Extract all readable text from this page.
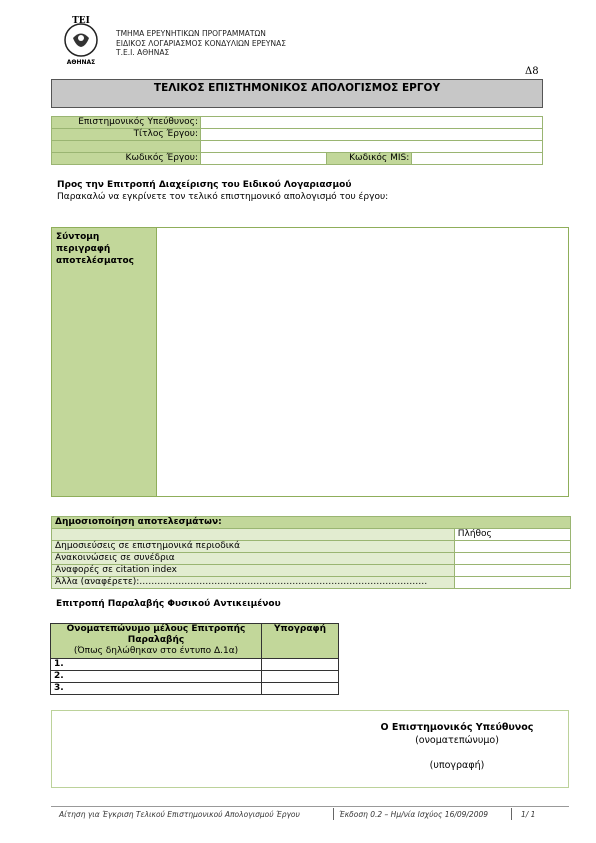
TEI
ΑΘΗΝΑΣ
ΤΜΗΜΑ ΕΡΕΥΝΗΤΙΚΩΝ ΠΡΟΓΡΑΜΜΑΤΩΝ
ΕΙΔΙΚΟΣ ΛΟΓΑΡΙΑΣΜΟΣ ΚΟΝΔΥΛΙΩΝ ΕΡΕΥΝΑΣ
Τ.Ε.Ι. ΑΘΗΝΑΣ
Δ8
ΤΕΛΙΚΟΣ ΕΠΙΣΤΗΜΟΝΙΚΟΣ ΑΠΟΛΟΓΙΣΜΟΣ ΕΡΓΟΥ
Επιστημονικός Υπεύθυνος:			
Τίτλος Έργου:			

Κωδικός Έργου:		Κωδικός MIS:	
Προς την Επιτροπή Διαχείρισης του Ειδικού Λογαριασμού
Παρακαλώ να εγκρίνετε τον τελικό επιστημονικό απολογισμό του έργου:
Σύντομη περιγραφή αποτελέσματος
Δημοσιοποίηση αποτελεσμάτων:	
	Πλήθος
Δημοσιεύσεις σε επιστημονικά περιοδικά	
Ανακοινώσεις σε συνέδρια	
Αναφορές σε citation index	
Άλλα (αναφέρετε):……………………………………………………………………………………	
Επιτροπή Παραλαβής Φυσικού Αντικειμένου
Ονοματεπώνυμο μέλους Επιτροπής Παραλαβής
(Όπως δηλώθηκαν στο έντυπο Δ.1α)	Υπογραφή
1.	
2.	
3.	
Ο Επιστημονικός Υπεύθυνος
(ονοματεπώνυμο)
(υπογραφή)
Αίτηση για Έγκριση Τελικού Επιστημονικού Απολογισμού Έργου	Έκδοση 0.2 – Ημ/νία Ισχύος 16/09/2009	1/ 1
